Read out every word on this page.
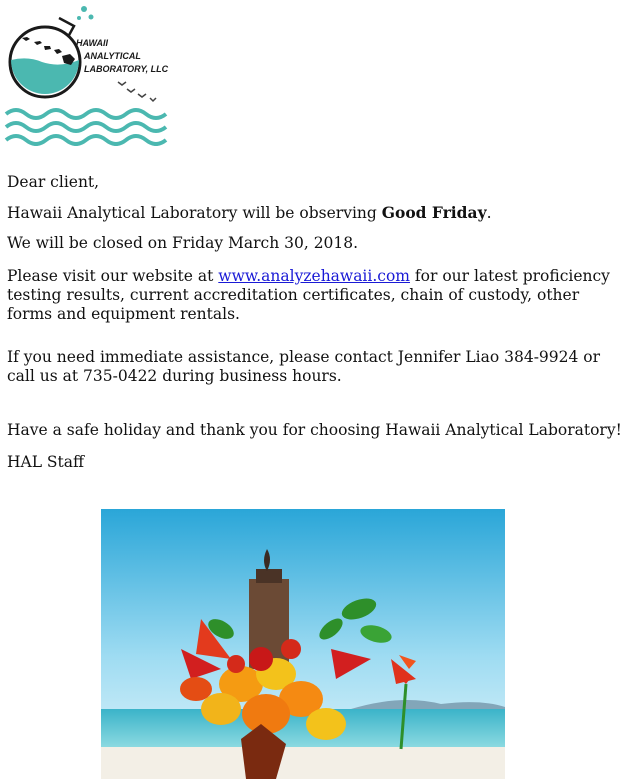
HAWAII
ANALYTICAL
LABORATORY, LLC

Dear client,

Hawaii Analytical Laboratory will be observing Good Friday.

We will be closed on Friday March 30, 2018.

Please visit our website at www.analyzehawaii.com for our latest proficiency testing results, current accreditation certificates, chain of custody, other forms and equipment rentals.

If you need immediate assistance, please contact Jennifer Liao 384-9924 or call us at 735-0422 during business hours.

Have a safe holiday and thank you for choosing Hawaii Analytical Laboratory!

HAL Staff
